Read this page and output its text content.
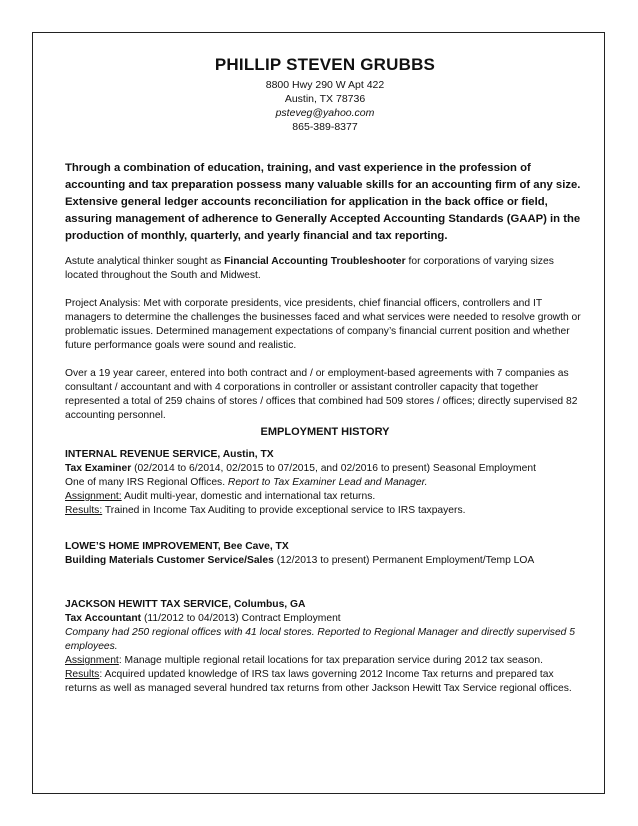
PHILLIP STEVEN GRUBBS
8800 Hwy 290 W Apt 422
Austin, TX 78736
psteveg@yahoo.com
865-389-8377
Through a combination of education, training, and vast experience in the profession of accounting and tax preparation possess many valuable skills for an accounting firm of any size. Extensive general ledger accounts reconciliation for application in the back office or field, assuring management of adherence to Generally Accepted Accounting Standards (GAAP) in the production of monthly, quarterly, and yearly financial and tax reporting.
Astute analytical thinker sought as Financial Accounting Troubleshooter for corporations of varying sizes located throughout the South and Midwest.
Project Analysis: Met with corporate presidents, vice presidents, chief financial officers, controllers and IT managers to determine the challenges the businesses faced and what services were needed to resolve growth or problematic issues. Determined management expectations of company’s financial current position and whether future performance goals were sound and realistic.
Over a 19 year career, entered into both contract and / or employment-based agreements with 7 companies as consultant / accountant and with 4 corporations in controller or assistant controller capacity that together represented a total of 259 chains of stores / offices that combined had 509 stores / offices; directly supervised 82 accounting personnel.
EMPLOYMENT HISTORY
INTERNAL REVENUE SERVICE, Austin, TX
Tax Examiner (02/2014 to 6/2014, 02/2015 to 07/2015, and 02/2016 to present) Seasonal Employment
One of many IRS Regional Offices. Report to Tax Examiner Lead and Manager.
Assignment: Audit multi-year, domestic and international tax returns.
Results: Trained in Income Tax Auditing to provide exceptional service to IRS taxpayers.
LOWE’S HOME IMPROVEMENT, Bee Cave, TX
Building Materials Customer Service/Sales (12/2013 to present) Permanent Employment/Temp LOA
JACKSON HEWITT TAX SERVICE, Columbus, GA
Tax Accountant (11/2012 to 04/2013) Contract Employment
Company had 250 regional offices with 41 local stores. Reported to Regional Manager and directly supervised 5 employees.
Assignment: Manage multiple regional retail locations for tax preparation service during 2012 tax season.
Results: Acquired updated knowledge of IRS tax laws governing 2012 Income Tax returns and prepared tax returns as well as managed several hundred tax returns from other Jackson Hewitt Tax Service regional offices.
